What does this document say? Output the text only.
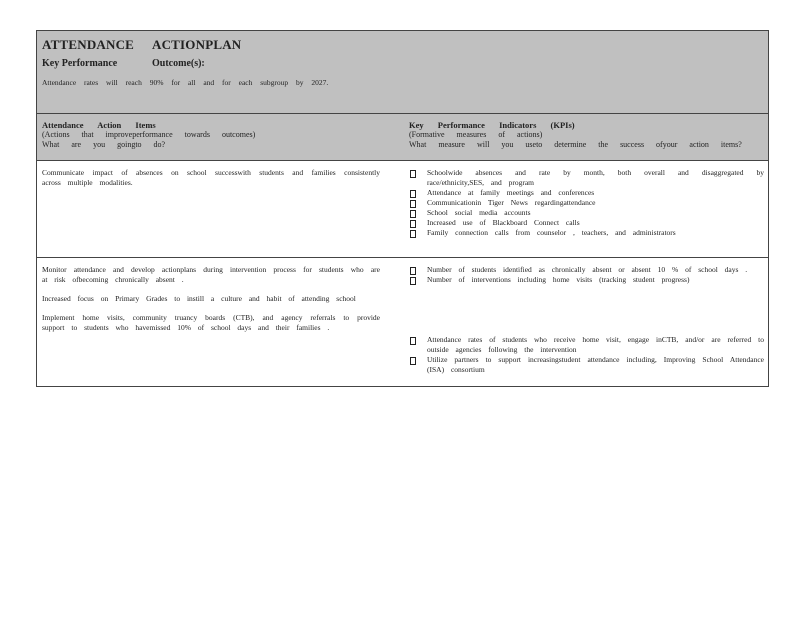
ATTENDANCE ACTIONPLAN
Key Performance	Outcome(s):
Attendance rates will reach 90% for all and for each subgroup by 2027.
Attendance Action Items
(Actions that improveperformance towards outcomes)
What are you goingto do?
Key Performance Indicators (KPIs)
(Formative measures of actions)
What measure will you useto determine the success ofyour action items?
Communicate impact of absences on school successwith students and families consistently across multiple modalities.
Schoolwide absences and rate by month, both overall and disaggregated by race/ethnicity,SES, and program
Attendance at family meetings and conferences
Communicationin Tiger News regardingattendance
School social media accounts
Increased use of Blackboard Connect calls
Family connection calls from counselor , teachers, and administrators
Monitor attendance and develop actionplans during intervention process for students who are at risk ofbecoming chronically absent .
Increased focus on Primary Grades to instill a culture and habit of attending school
Implement home visits, community truancy boards (CTB), and agency referrals to provide support to students who havemissed 10% of school days and their families .
Number of students identified as chronically absent or absent 10 % of school days .
Number of interventions including home visits (tracking student progress)
Attendance rates of students who receive home visit, engage inCTB, and/or are referred to outside agencies following the intervention
Utilize partners to support increasingstudent attendance including, Improving School Attendance (ISA) consortium
